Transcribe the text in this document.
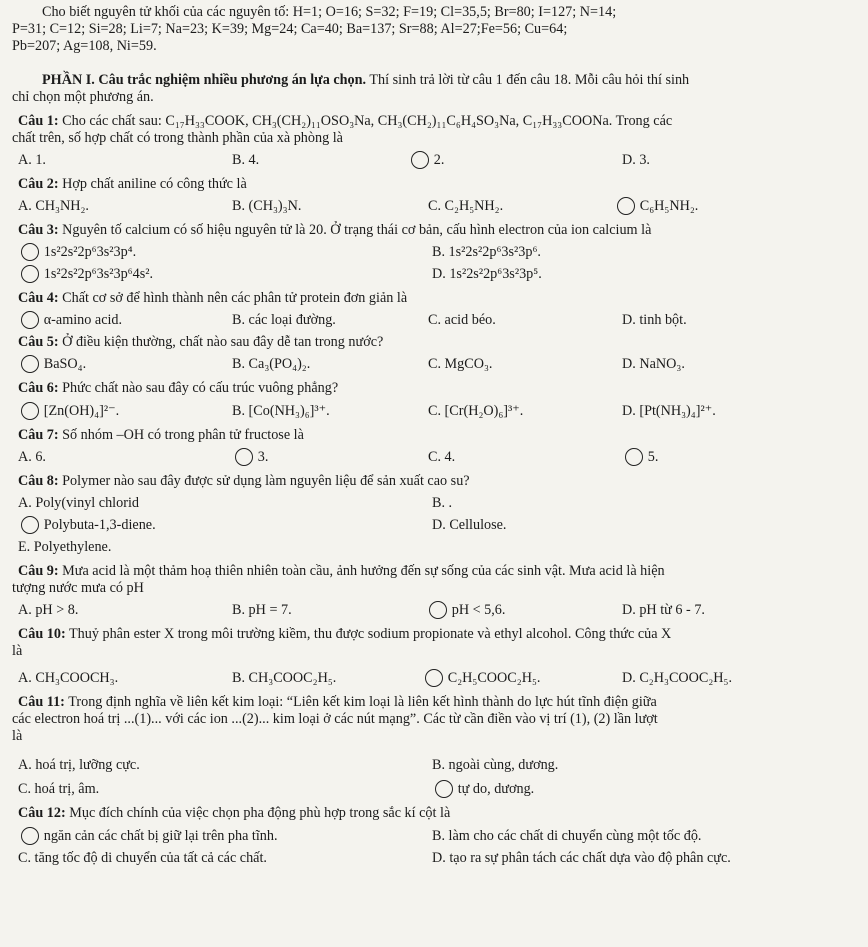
Cho biết nguyên tử khối của các nguyên tố: H=1; O=16; S=32; F=19; Cl=35,5; Br=80; I=127; N=14;
P=31; C=12; Si=28; Li=7; Na=23; K=39; Mg=24; Ca=40; Ba=137; Sr=88; Al=27;Fe=56; Cu=64;
Pb=207; Ag=108, Ni=59.
PHẦN I. Câu trắc nghiệm nhiều phương án lựa chọn. Thí sinh trả lời từ câu 1 đến câu 18. Mỗi câu hỏi thí sinh
chỉ chọn một phương án.
Câu 1: Cho các chất sau: C₁₇H₃₃COOK, CH₃(CH₂)₁₁OSO₃Na, CH₃(CH₂)₁₁C₆H₄SO₃Na, C₁₇H₃₃COONa. Trong các
chất trên, số hợp chất có trong thành phần của xà phòng là
A. 1.	B. 4.	2.	D. 3.
Câu 2: Hợp chất aniline có công thức là
A. CH₃NH₂.	B. (CH₃)₃N.	C. C₂H₅NH₂.	C₆H₅NH₂.
Câu 3: Nguyên tố calcium có số hiệu nguyên tử là 20. Ở trạng thái cơ bản, cấu hình electron của ion calcium là
1s²2s²2p⁶3s²3p⁴.	B. 1s²2s²2p⁶3s²3p⁶.
1s²2s²2p⁶3s²3p⁶4s².	D. 1s²2s²2p⁶3s²3p⁵.
Câu 4: Chất cơ sở để hình thành nên các phân tử protein đơn giản là
α-amino acid.	B. các loại đường.	C. acid béo.	D. tinh bột.
Câu 5: Ở điều kiện thường, chất nào sau đây dễ tan trong nước?
BaSO₄.	B. Ca₃(PO₄)₂.	C. MgCO₃.	D. NaNO₃.
Câu 6: Phức chất nào sau đây có cấu trúc vuông phẳng?
[Zn(OH)₄]²⁻.	B. [Co(NH₃)₆]³⁺.	C. [Cr(H₂O)₆]³⁺.	D. [Pt(NH₃)₄]²⁺.
Câu 7: Số nhóm –OH có trong phân tử fructose là
A. 6.	3.	C. 4.	5.
Câu 8: Polymer nào sau đây được sử dụng làm nguyên liệu để sản xuất cao su?
A. Poly(vinyl chlorid	B. .
Polybuta-1,3-diene.	D. Cellulose.
E. Polyethylene.
Câu 9: Mưa acid là một thảm hoạ thiên nhiên toàn cầu, ảnh hưởng đến sự sống của các sinh vật. Mưa acid là hiện
tượng nước mưa có pH
A. pH > 8.	B. pH = 7.	pH < 5,6.	D. pH từ 6 - 7.
Câu 10: Thuỷ phân ester X trong môi trường kiềm, thu được sodium propionate và ethyl alcohol. Công thức của X
là
A. CH₃COOCH₃.	B. CH₃COOC₂H₅.	C₂H₅COOC₂H₅.	D. C₂H₃COOC₂H₅.
Câu 11: Trong định nghĩa về liên kết kim loại: “Liên kết kim loại là liên kết hình thành do lực hút tĩnh điện giữa
các electron hoá trị ...(1)... với các ion ...(2)... kim loại ở các nút mạng”. Các từ cần điền vào vị trí (1), (2) lần lượt
là
A. hoá trị, lưỡng cực.	B. ngoài cùng, dương.
C. hoá trị, âm.	tự do, dương.
Câu 12: Mục đích chính của việc chọn pha động phù hợp trong sắc kí cột là
ngăn cản các chất bị giữ lại trên pha tĩnh.	B. làm cho các chất di chuyển cùng một tốc độ.
C. tăng tốc độ di chuyển của tất cả các chất.	D. tạo ra sự phân tách các chất dựa vào độ phân cực.
